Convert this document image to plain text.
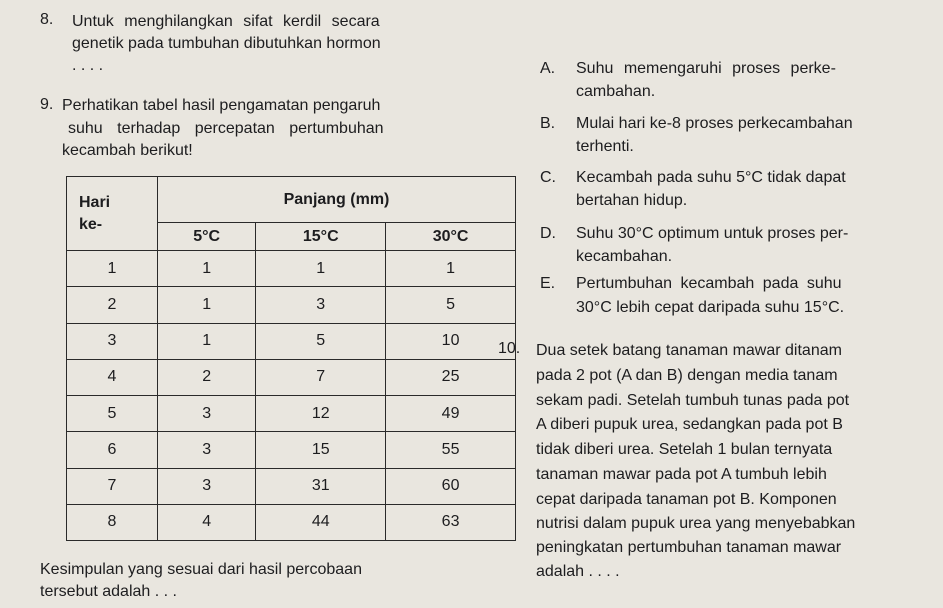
8. Untuk menghilangkan sifat kerdil secara
genetik pada tumbuhan dibutuhkan hormon
. . . .
9. Perhatikan tabel hasil pengamatan pengaruh
suhu terhadap percepatan pertumbuhan
kecambah berikut!
Hari
ke-	Panjang (mm)		
	5°C	15°C	30°C
1	1	1	1
2	1	3	5
3	1	5	10
4	2	7	25
5	3	12	49
6	3	15	55
7	3	31	60
8	4	44	63
Kesimpulan yang sesuai dari hasil percobaan
tersebut adalah . . .
A. Suhu memengaruhi proses perke-
cambahan.
B. Mulai hari ke-8 proses perkecambahan
terhenti.
C. Kecambah pada suhu 5°C tidak dapat
bertahan hidup.
D. Suhu 30°C optimum untuk proses per-
kecambahan.
E. Pertumbuhan kecambah pada suhu
30°C lebih cepat daripada suhu 15°C.
10. Dua setek batang tanaman mawar ditanam
pada 2 pot (A dan B) dengan media tanam
sekam padi. Setelah tumbuh tunas pada pot
A diberi pupuk urea, sedangkan pada pot B
tidak diberi urea. Setelah 1 bulan ternyata
tanaman mawar pada pot A tumbuh lebih
cepat daripada tanaman pot B. Komponen
nutrisi dalam pupuk urea yang menyebabkan
peningkatan pertumbuhan tanaman mawar
adalah . . . .
